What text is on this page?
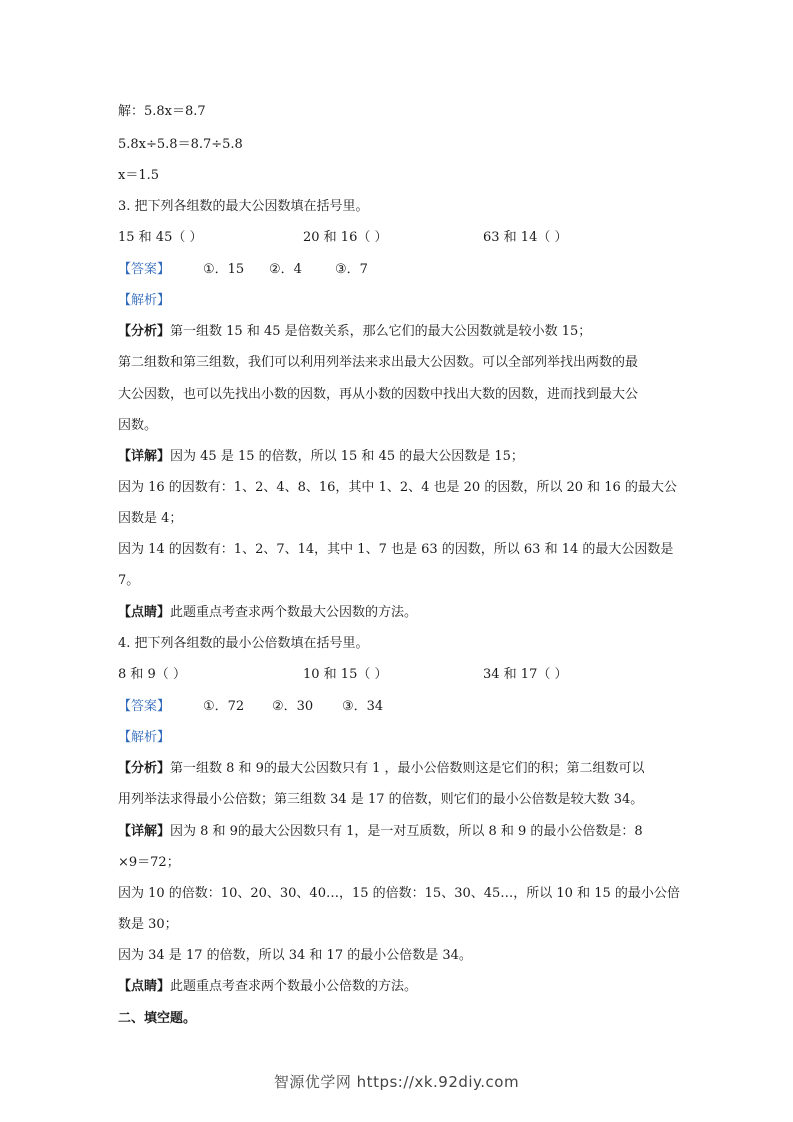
解：5.8x＝8.7
5.8x÷5.8＝8.7÷5.8
x＝1.5
3. 把下列各组数的最大公因数填在括号里。
15 和 45（ ）	20 和 16（ ）	63 和 14（ ）
【答案】	①．15 ②．4	③．7
【解析】
【分析】第一组数 15 和 45 是倍数关系，那么它们的最大公因数就是较小数 15；
第二组数和第三组数，我们可以利用列举法来求出最大公因数。可以全部列举找出两数的最
大公因数，也可以先找出小数的因数，再从小数的因数中找出大数的因数，进而找到最大公
因数。
【详解】因为 45 是 15 的倍数，所以 15 和 45 的最大公因数是 15；
因为 16 的因数有：1、2、4、8、16，其中 1、2、4 也是 20 的因数，所以 20 和 16 的最大公
因数是 4；
因为 14 的因数有：1、2、7、14，其中 1、7 也是 63 的因数，所以 63 和 14 的最大公因数是
7。
【点睛】此题重点考查求两个数最大公因数的方法。
4. 把下列各组数的最小公倍数填在括号里。
8 和 9（ ）	10 和 15（ ）	34 和 17（ ）
【答案】	①．72 ②．30 ③．34
【解析】
【分析】第一组数 8 和 9的最大公因数只有 1 ，最小公倍数则这是它们的积；第二组数可以
用列举法求得最小公倍数；第三组数 34 是 17 的倍数，则它们的最小公倍数是较大数 34。
【详解】因为 8 和 9的最大公因数只有 1，是一对互质数，所以 8 和 9 的最小公倍数是：8
×9＝72；
因为 10 的倍数：10、20、30、40…，15 的倍数：15、30、45…，所以 10 和 15 的最小公倍
数是 30；
因为 34 是 17 的倍数，所以 34 和 17 的最小公倍数是 34。
【点睛】此题重点考查求两个数最小公倍数的方法。
二、填空题。
智源优学网 https://xk.92diy.com
